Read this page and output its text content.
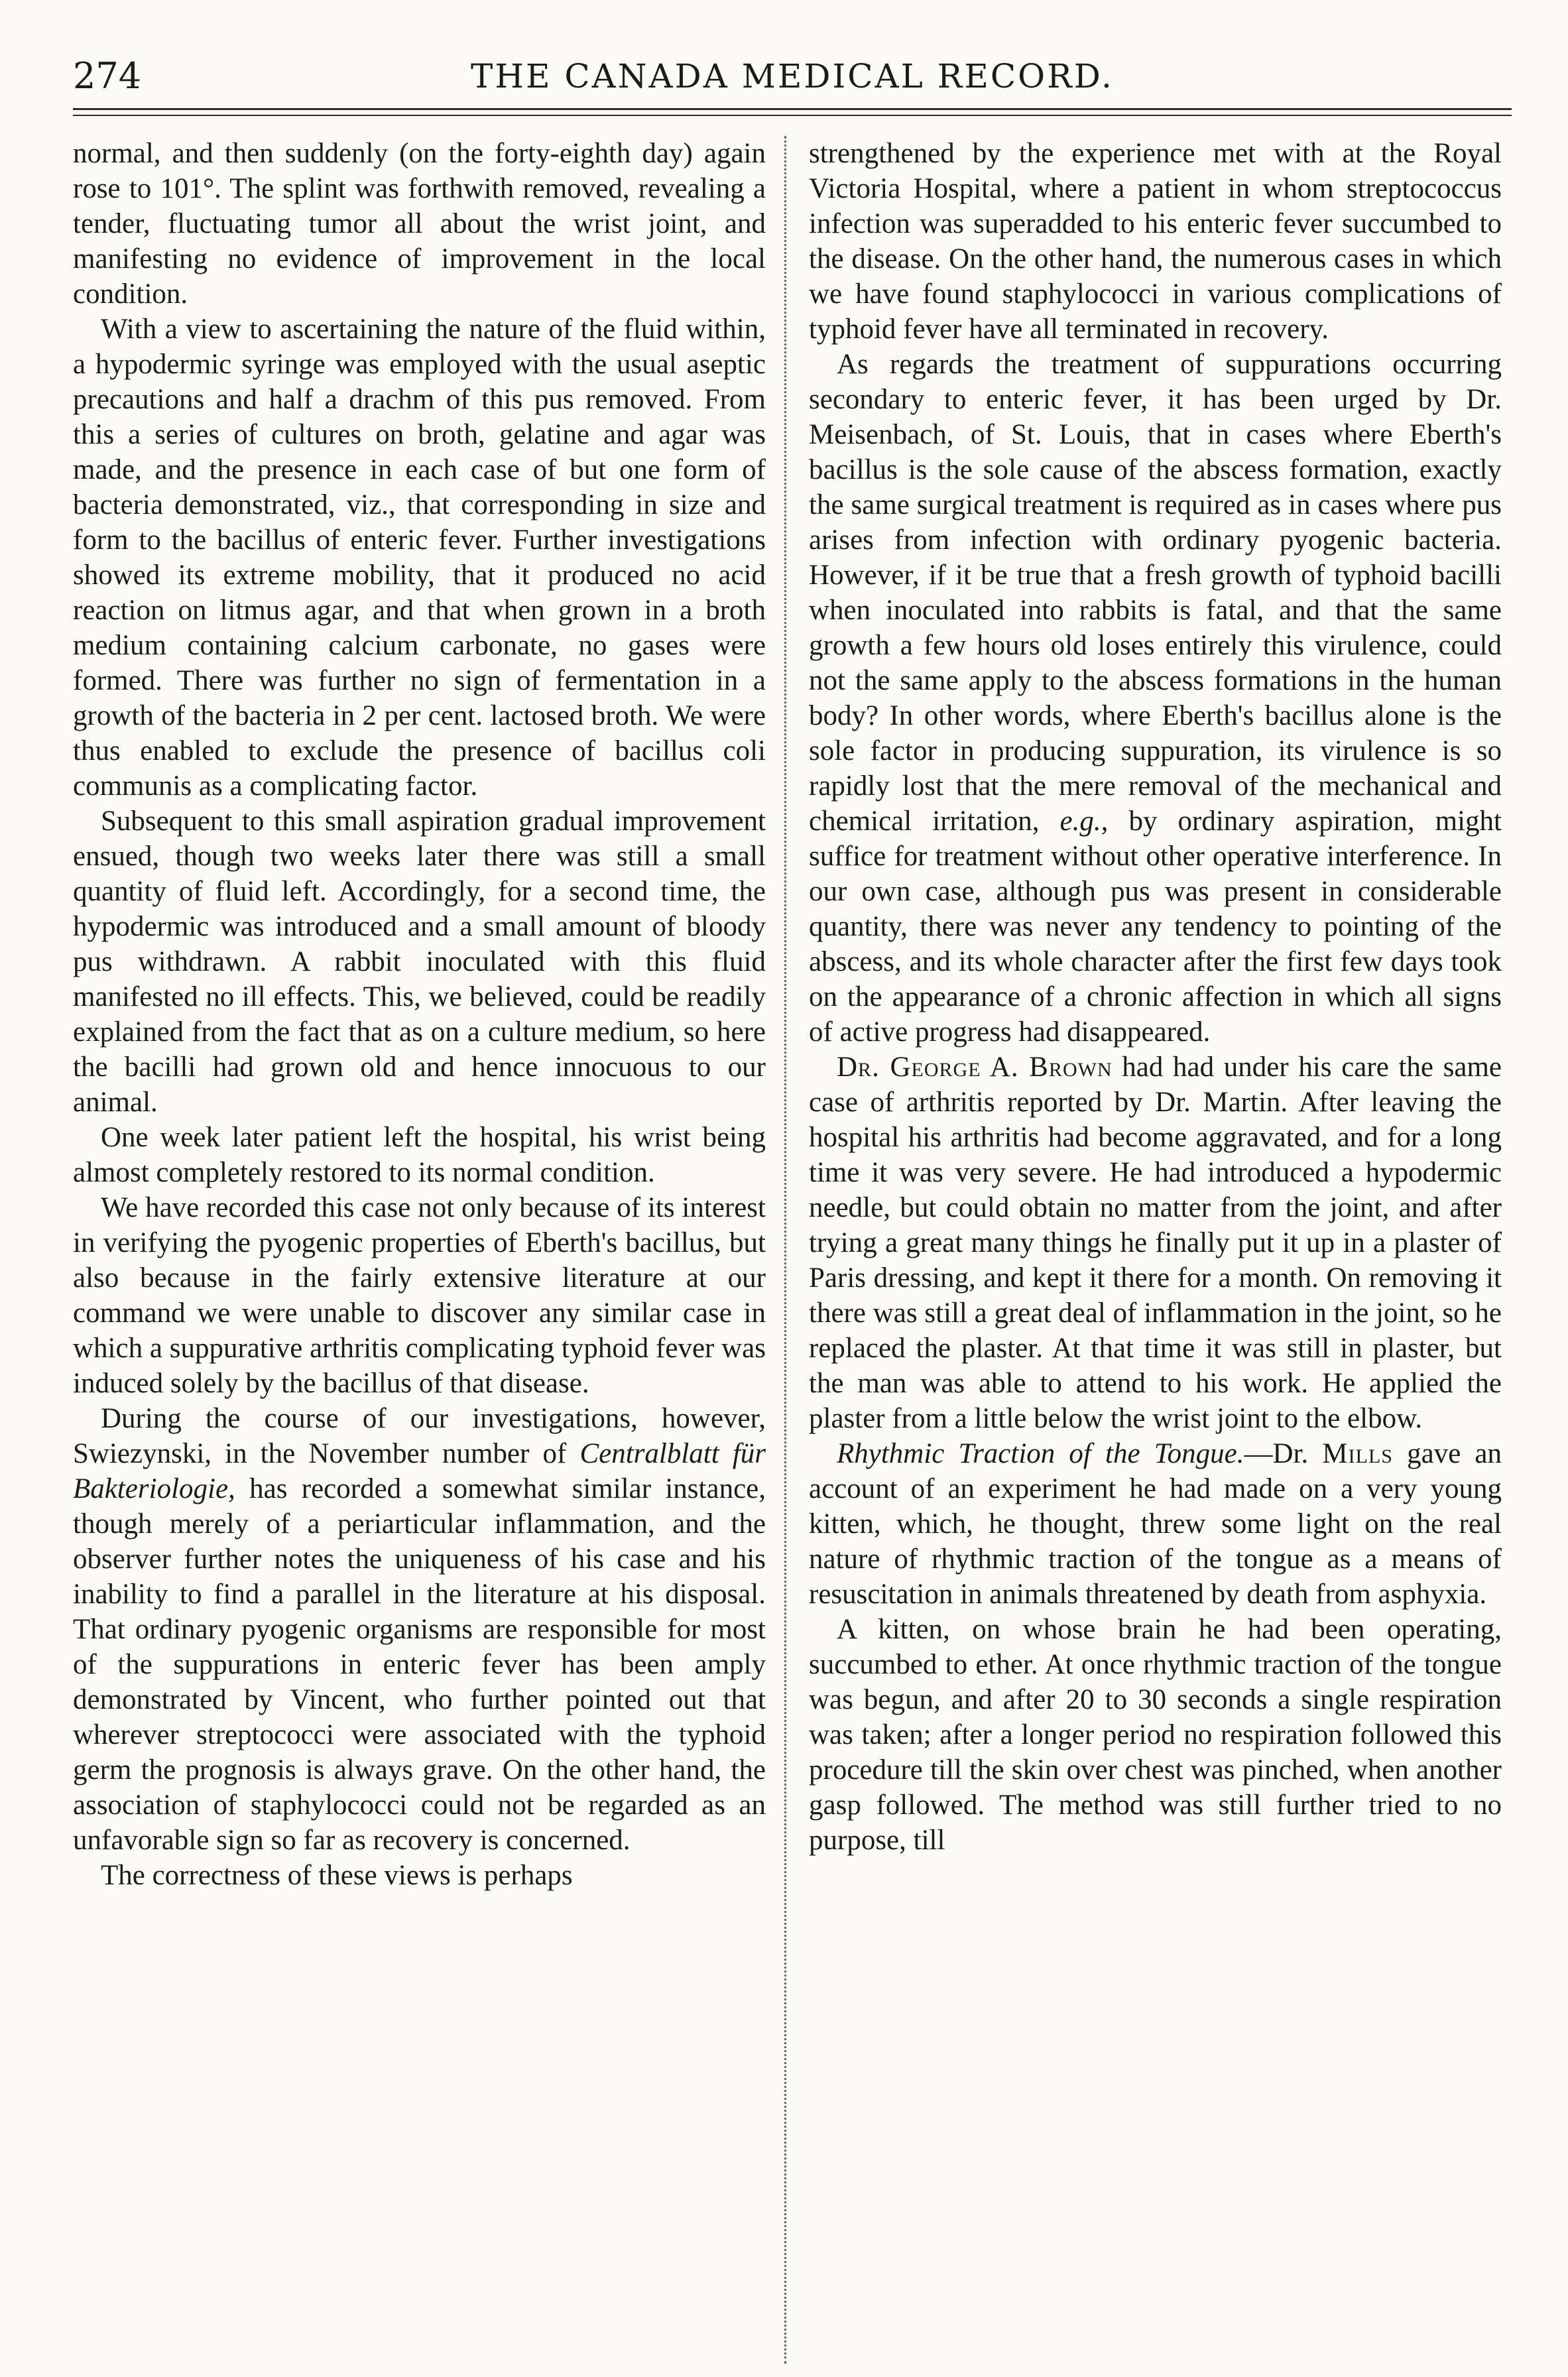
274	THE CANADA MEDICAL RECORD.

normal, and then suddenly (on the forty-eighth day) again rose to 101°. The splint was forthwith removed, revealing a tender, fluctuating tumor all about the wrist joint, and manifesting no evidence of improvement in the local condition.

With a view to ascertaining the nature of the fluid within, a hypodermic syringe was employed with the usual aseptic precautions and half a drachm of this pus removed. From this a series of cultures on broth, gelatine and agar was made, and the presence in each case of but one form of bacteria demonstrated, viz., that corresponding in size and form to the bacillus of enteric fever. Further investigations showed its extreme mobility, that it produced no acid reaction on litmus agar, and that when grown in a broth medium containing calcium carbonate, no gases were formed. There was further no sign of fermentation in a growth of the bacteria in 2 per cent. lactosed broth. We were thus enabled to exclude the presence of bacillus coli communis as a complicating factor.

Subsequent to this small aspiration gradual improvement ensued, though two weeks later there was still a small quantity of fluid left. Accordingly, for a second time, the hypodermic was introduced and a small amount of bloody pus withdrawn. A rabbit inoculated with this fluid manifested no ill effects. This, we believed, could be readily explained from the fact that as on a culture medium, so here the bacilli had grown old and hence innocuous to our animal.

One week later patient left the hospital, his wrist being almost completely restored to its normal condition.

We have recorded this case not only because of its interest in verifying the pyogenic properties of Eberth's bacillus, but also because in the fairly extensive literature at our command we were unable to discover any similar case in which a suppurative arthritis complicating typhoid fever was induced solely by the bacillus of that disease.

During the course of our investigations, however, Swiezynski, in the November number of Centralblatt für Bakteriologie, has recorded a somewhat similar instance, though merely of a periarticular inflammation, and the observer further notes the uniqueness of his case and his inability to find a parallel in the literature at his disposal. That ordinary pyogenic organisms are responsible for most of the suppurations in enteric fever has been amply demonstrated by Vincent, who further pointed out that wherever streptococci were associated with the typhoid germ the prognosis is always grave. On the other hand, the association of staphylococci could not be regarded as an unfavorable sign so far as recovery is concerned.

The correctness of these views is perhaps

strengthened by the experience met with at the Royal Victoria Hospital, where a patient in whom streptococcus infection was superadded to his enteric fever succumbed to the disease. On the other hand, the numerous cases in which we have found staphylococci in various complications of typhoid fever have all terminated in recovery.

As regards the treatment of suppurations occurring secondary to enteric fever, it has been urged by Dr. Meisenbach, of St. Louis, that in cases where Eberth's bacillus is the sole cause of the abscess formation, exactly the same surgical treatment is required as in cases where pus arises from infection with ordinary pyogenic bacteria. However, if it be true that a fresh growth of typhoid bacilli when inoculated into rabbits is fatal, and that the same growth a few hours old loses entirely this virulence, could not the same apply to the abscess formations in the human body? In other words, where Eberth's bacillus alone is the sole factor in producing suppuration, its virulence is so rapidly lost that the mere removal of the mechanical and chemical irritation, e.g., by ordinary aspiration, might suffice for treatment without other operative interference. In our own case, although pus was present in considerable quantity, there was never any tendency to pointing of the abscess, and its whole character after the first few days took on the appearance of a chronic affection in which all signs of active progress had disappeared.

Dr. George A. Brown had had under his care the same case of arthritis reported by Dr. Martin. After leaving the hospital his arthritis had become aggravated, and for a long time it was very severe. He had introduced a hypodermic needle, but could obtain no matter from the joint, and after trying a great many things he finally put it up in a plaster of Paris dressing, and kept it there for a month. On removing it there was still a great deal of inflammation in the joint, so he replaced the plaster. At that time it was still in plaster, but the man was able to attend to his work. He applied the plaster from a little below the wrist joint to the elbow.

Rhythmic Traction of the Tongue.—Dr. Mills gave an account of an experiment he had made on a very young kitten, which, he thought, threw some light on the real nature of rhythmic traction of the tongue as a means of resuscitation in animals threatened by death from asphyxia.

A kitten, on whose brain he had been operating, succumbed to ether. At once rhythmic traction of the tongue was begun, and after 20 to 30 seconds a single respiration was taken; after a longer period no respiration followed this procedure till the skin over chest was pinched, when another gasp followed. The method was still further tried to no purpose, till
